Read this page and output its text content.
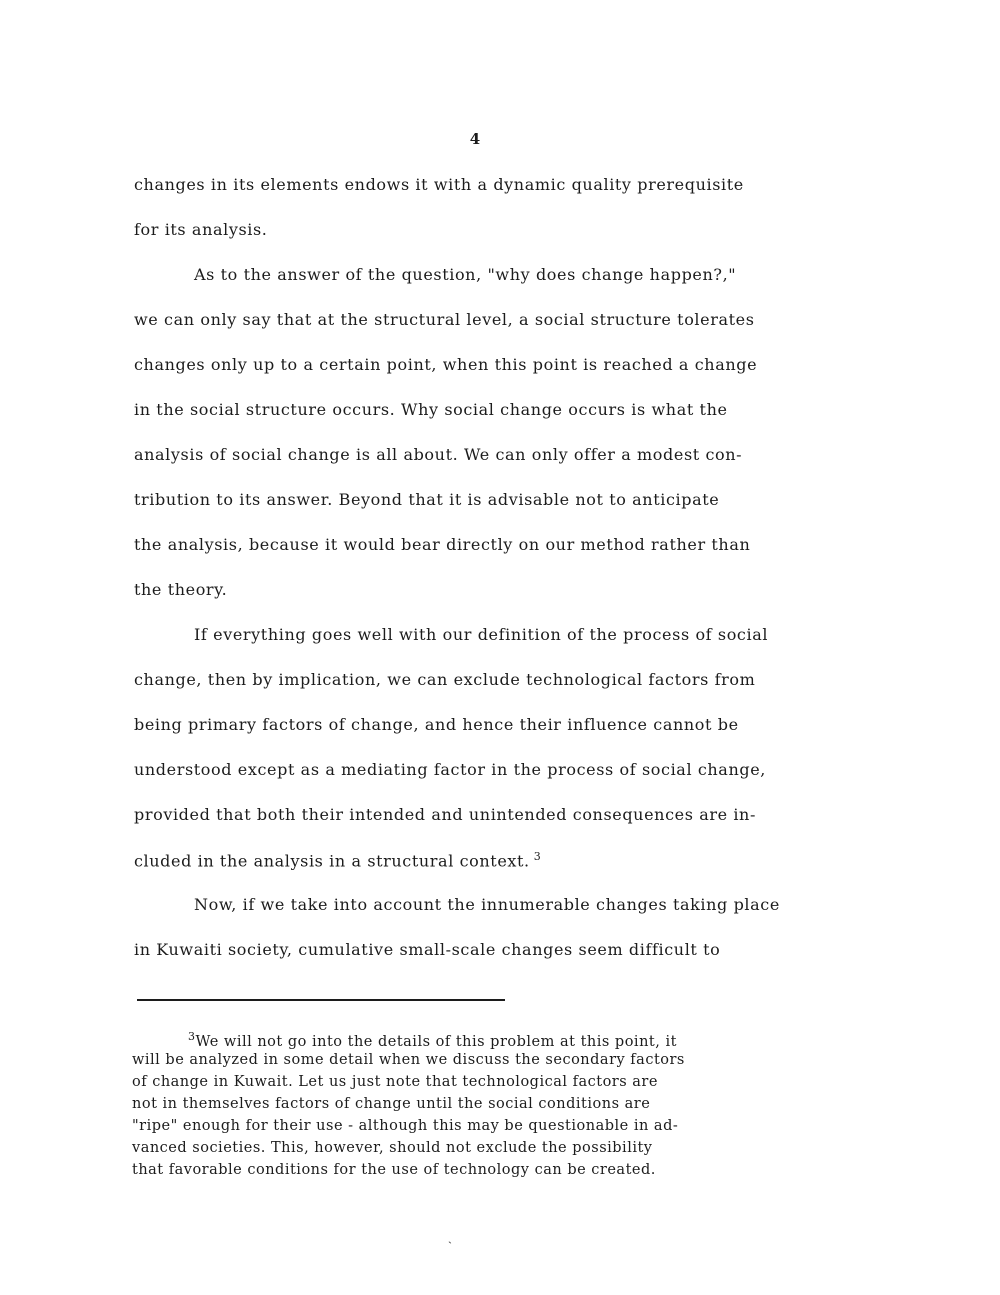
4
changes in its elements endows it with a dynamic quality prerequisite
for its analysis.
As to the answer of the question, "why does change happen?,"
we can only say that at the structural level, a social structure tolerates
changes only up to a certain point, when this point is reached a change
in the social structure occurs. Why social change occurs is what the
analysis of social change is all about. We can only offer a modest con-
tribution to its answer. Beyond that it is advisable not to anticipate
the analysis, because it would bear directly on our method rather than
the theory.
If everything goes well with our definition of the process of social
change, then by implication, we can exclude technological factors from
being primary factors of change, and hence their influence cannot be
understood except as a mediating factor in the process of social change,
provided that both their intended and unintended consequences are in-
cluded in the analysis in a structural context. $^3$
Now, if we take into account the innumerable changes taking place
in Kuwaiti society, cumulative small-scale changes seem difficult to
$^3$We will not go into the details of this problem at this point, it
will be analyzed in some detail when we discuss the secondary factors
of change in Kuwait. Let us just note that technological factors are
not in themselves factors of change until the social conditions are
"ripe" enough for their use - although this may be questionable in ad-
vanced societies. This, however, should not exclude the possibility
that favorable conditions for the use of technology can be created.
ˎ
